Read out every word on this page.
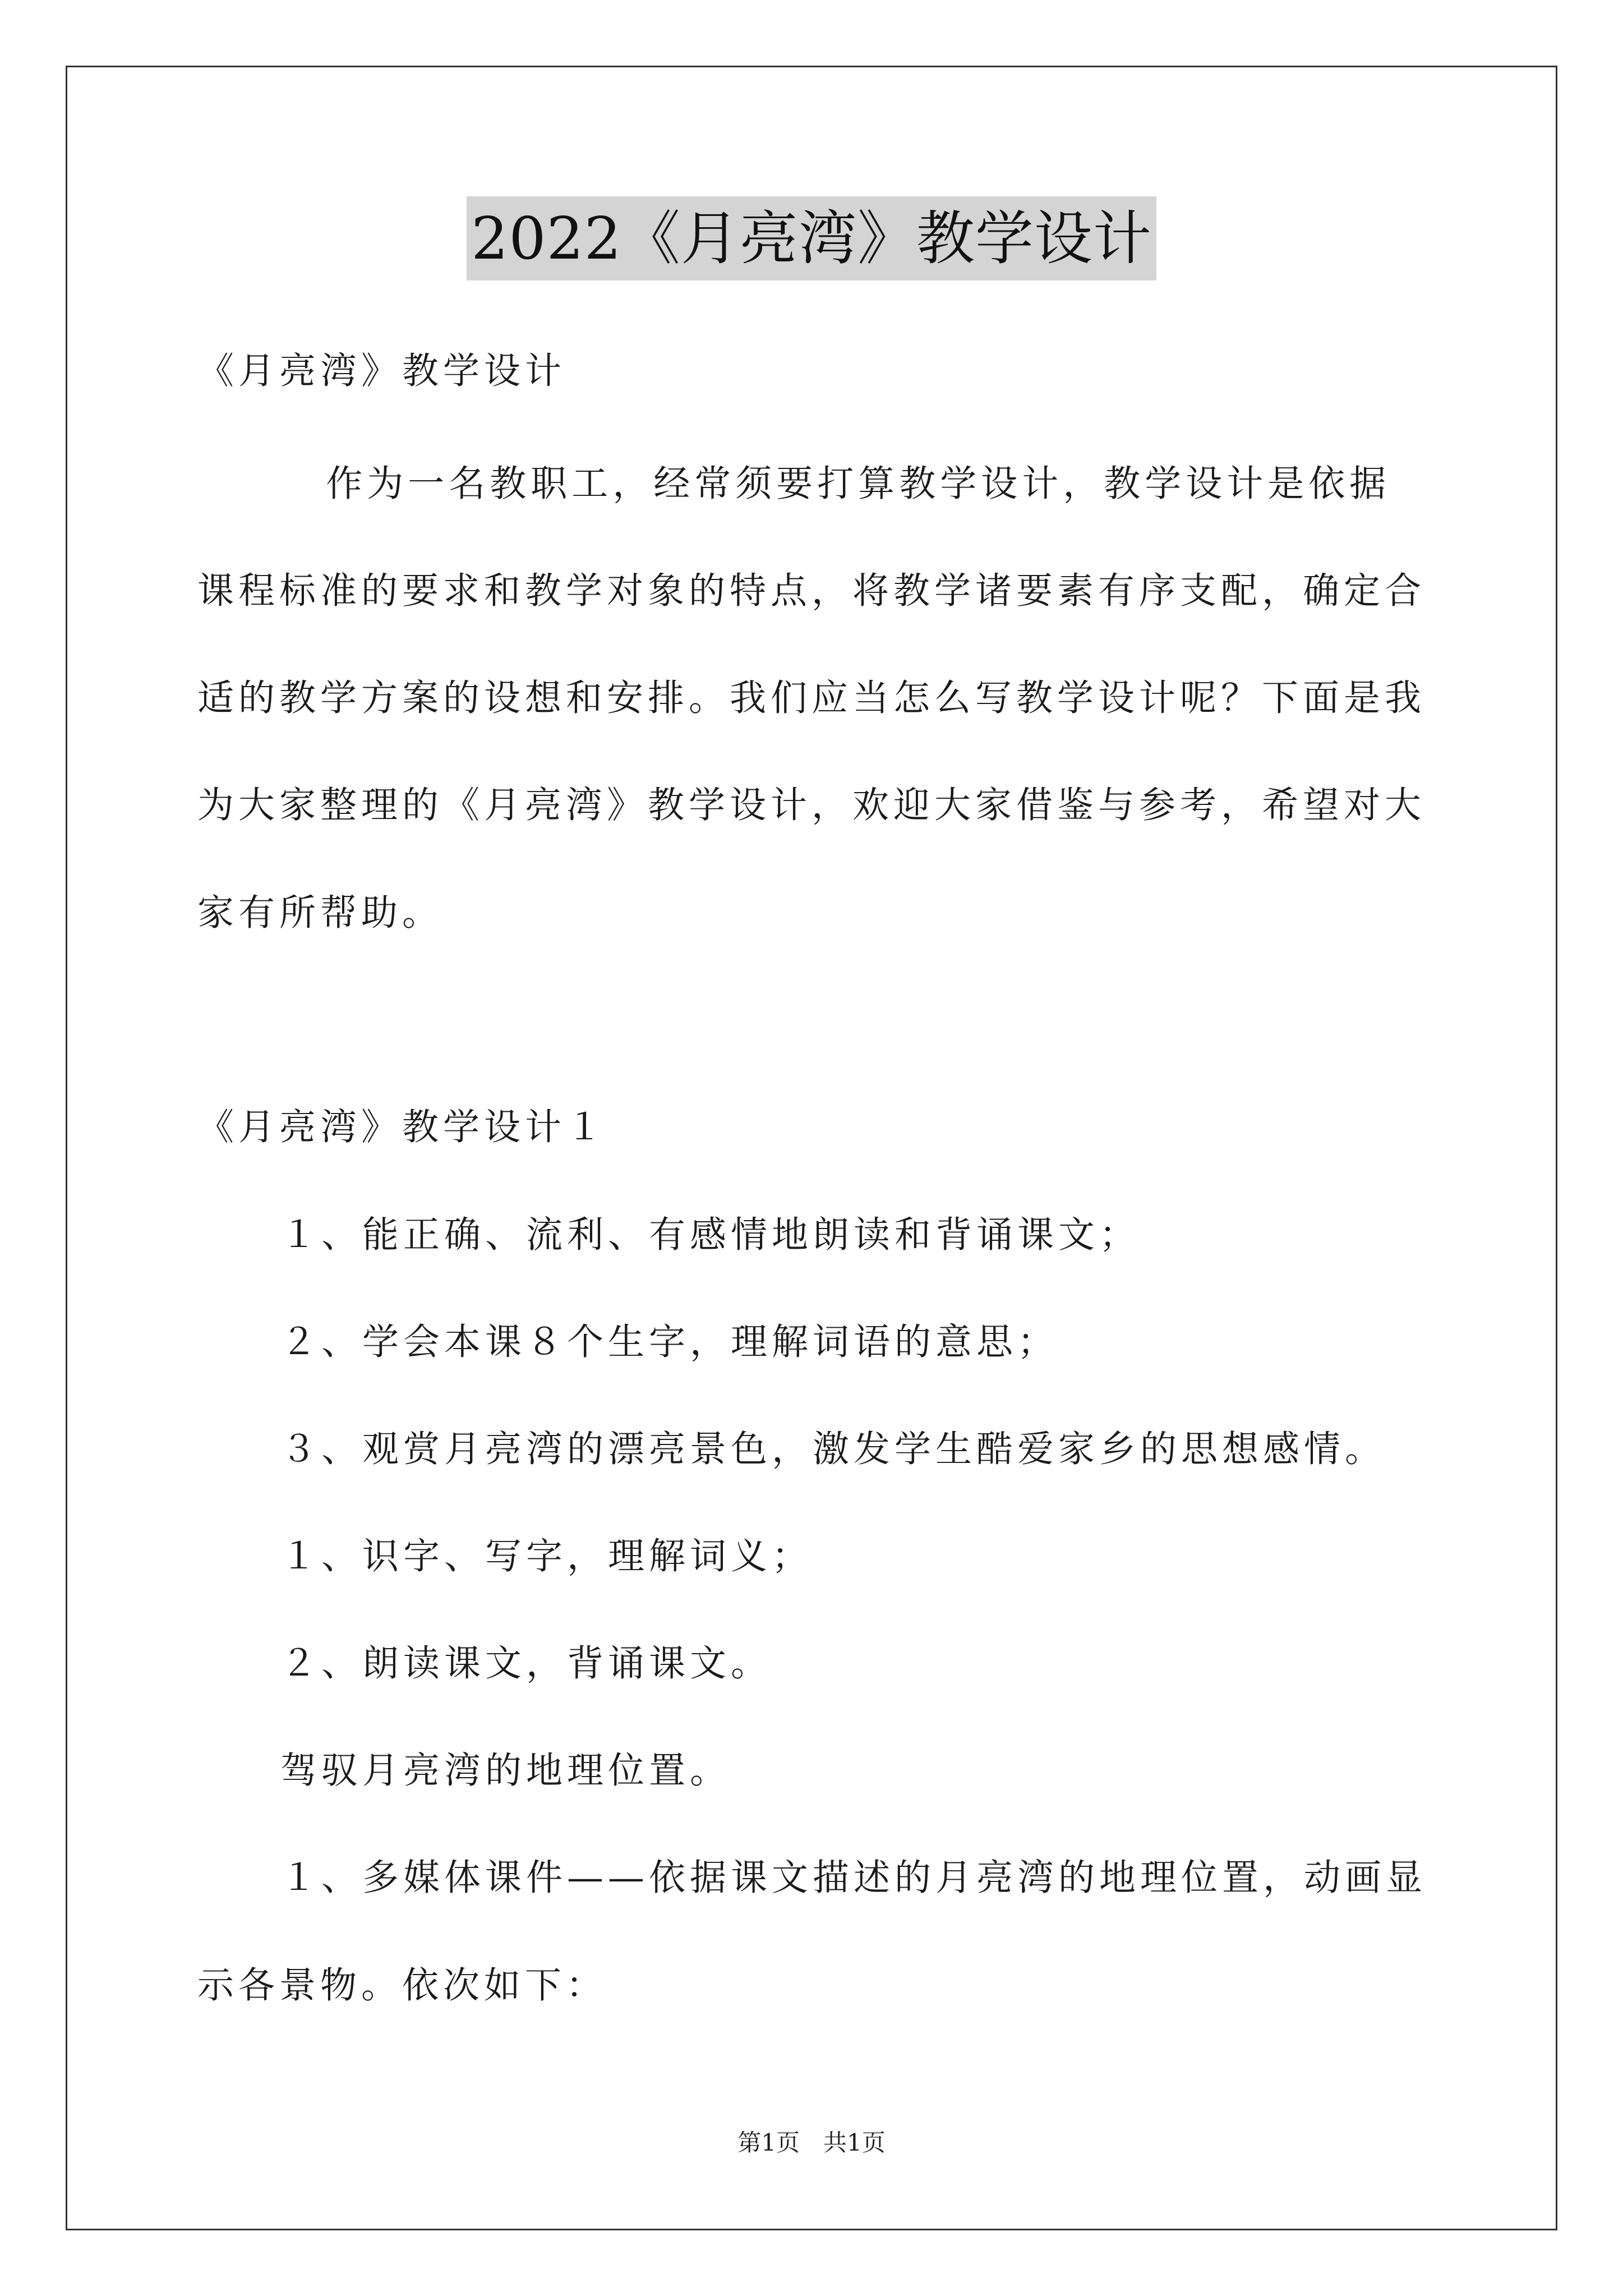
2022《月亮湾》教学设计
《月亮湾》教学设计
作为一名教职工，经常须要打算教学设计，教学设计是依据
课程标准的要求和教学对象的特点，将教学诸要素有序支配，确定合
适的教学方案的设想和安排。我们应当怎么写教学设计呢？下面是我
为大家整理的《月亮湾》教学设计，欢迎大家借鉴与参考，希望对大
家有所帮助。
《月亮湾》教学设计１
１、能正确、流利、有感情地朗读和背诵课文；
２、学会本课８个生字，理解词语的意思；
３、观赏月亮湾的漂亮景色，激发学生酷爱家乡的思想感情。
１、识字、写字，理解词义；
２、朗读课文，背诵课文。
驾驭月亮湾的地理位置。
１、多媒体课件——依据课文描述的月亮湾的地理位置，动画显
示各景物。依次如下：
第1页　共1页
